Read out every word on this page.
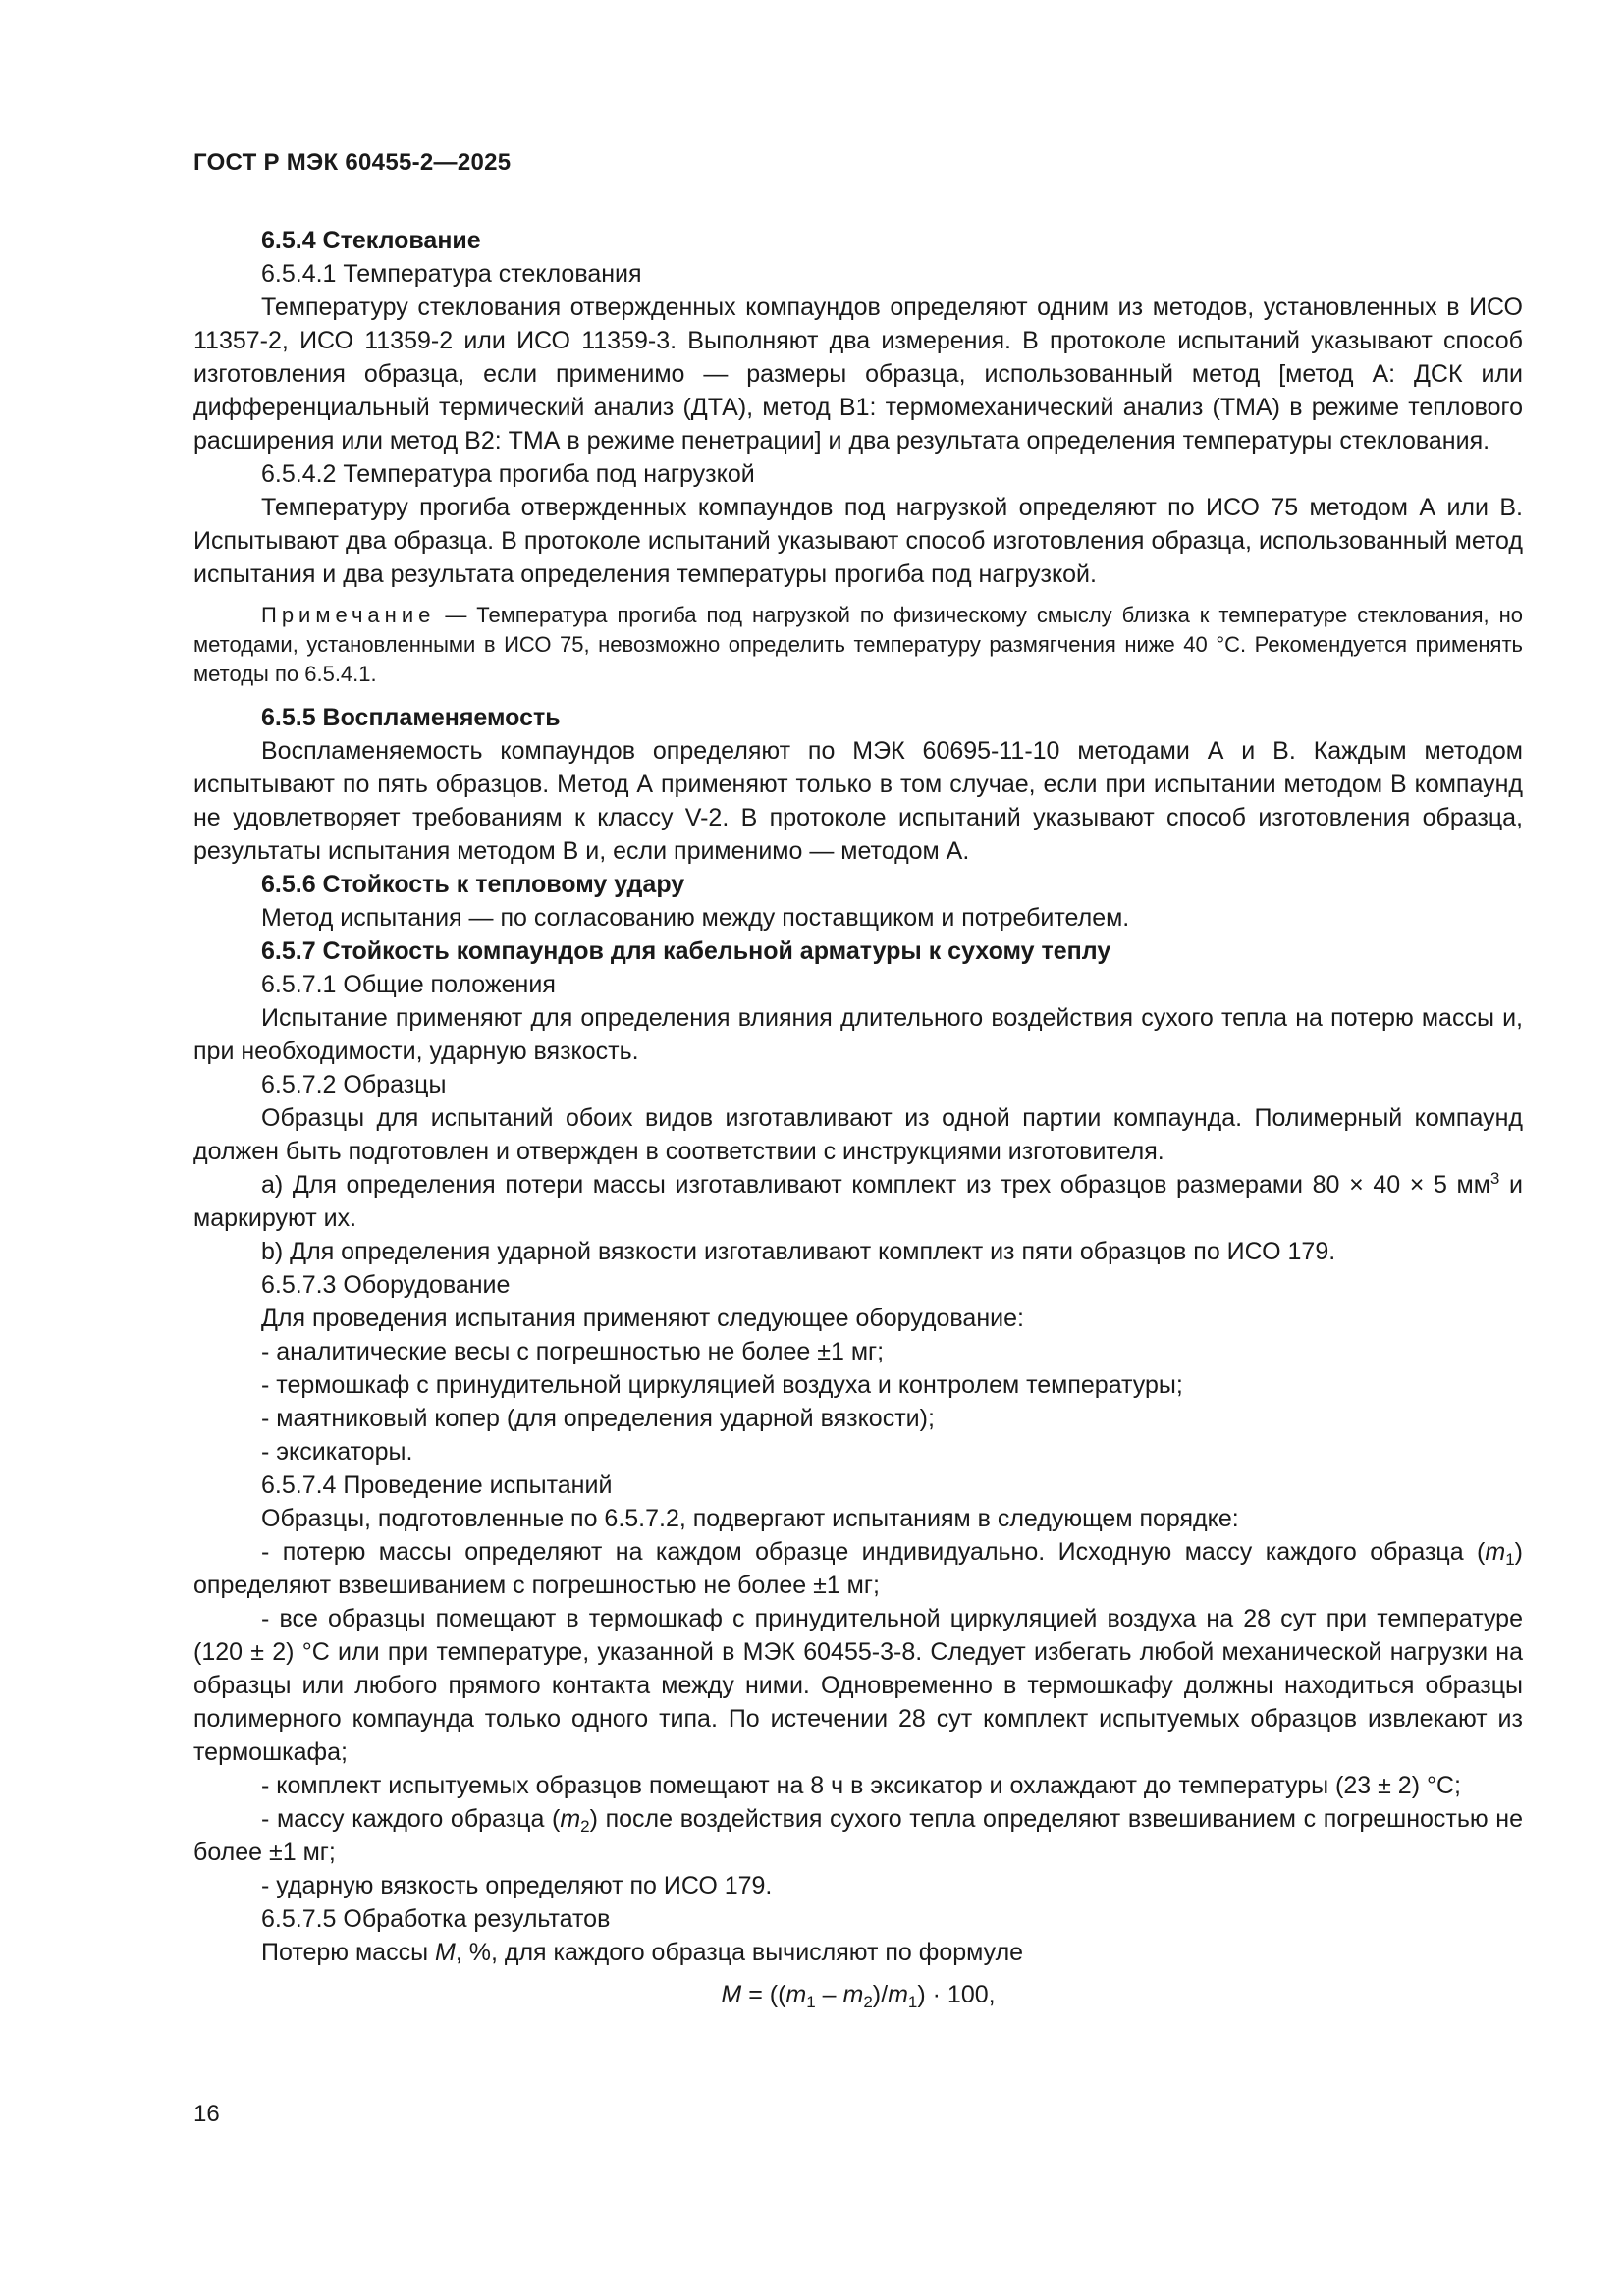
ГОСТ Р МЭК 60455-2—2025

6.5.4 Стеклование

6.5.4.1 Температура стеклования

Температуру стеклования отвержденных компаундов определяют одним из методов, установленных в ИСО 11357-2, ИСО 11359-2 или ИСО 11359-3. Выполняют два измерения. В протоколе испытаний указывают способ изготовления образца, если применимо — размеры образца, использованный метод [метод А: ДСК или дифференциальный термический анализ (ДТА), метод В1: термомеханический анализ (ТМА) в режиме теплового расширения или метод В2: ТМА в режиме пенетрации] и два результата определения температуры стеклования.

6.5.4.2 Температура прогиба под нагрузкой

Температуру прогиба отвержденных компаундов под нагрузкой определяют по ИСО 75 методом А или В. Испытывают два образца. В протоколе испытаний указывают способ изготовления образца, использованный метод испытания и два результата определения температуры прогиба под нагрузкой.

Примечание — Температура прогиба под нагрузкой по физическому смыслу близка к температуре стеклования, но методами, установленными в ИСО 75, невозможно определить температуру размягчения ниже 40 °С. Рекомендуется применять методы по 6.5.4.1.

6.5.5 Воспламеняемость

Воспламеняемость компаундов определяют по МЭК 60695-11-10 методами А и В. Каждым методом испытывают по пять образцов. Метод А применяют только в том случае, если при испытании методом В компаунд не удовлетворяет требованиям к классу V-2. В протоколе испытаний указывают способ изготовления образца, результаты испытания методом В и, если применимо — методом А.

6.5.6 Стойкость к тепловому удару

Метод испытания — по согласованию между поставщиком и потребителем.

6.5.7 Стойкость компаундов для кабельной арматуры к сухому теплу

6.5.7.1 Общие положения

Испытание применяют для определения влияния длительного воздействия сухого тепла на потерю массы и, при необходимости, ударную вязкость.

6.5.7.2 Образцы

Образцы для испытаний обоих видов изготавливают из одной партии компаунда. Полимерный компаунд должен быть подготовлен и отвержден в соответствии с инструкциями изготовителя.

а) Для определения потери массы изготавливают комплект из трех образцов размерами 80 × 40 × 5 $мм^3$ и маркируют их.

b) Для определения ударной вязкости изготавливают комплект из пяти образцов по ИСО 179.

6.5.7.3 Оборудование

Для проведения испытания применяют следующее оборудование:

- аналитические весы с погрешностью не более ±1 мг;

- термошкаф с принудительной циркуляцией воздуха и контролем температуры;

- маятниковый копер (для определения ударной вязкости);

- эксикаторы.

6.5.7.4 Проведение испытаний

Образцы, подготовленные по 6.5.7.2, подвергают испытаниям в следующем порядке:

- потерю массы определяют на каждом образце индивидуально. Исходную массу каждого образца $(m_1)$ определяют взвешиванием с погрешностью не более ±1 мг;

- все образцы помещают в термошкаф с принудительной циркуляцией воздуха на 28 сут при температуре (120 ± 2) °С или при температуре, указанной в МЭК 60455-3-8. Следует избегать любой механической нагрузки на образцы или любого прямого контакта между ними. Одновременно в термошкафу должны находиться образцы полимерного компаунда только одного типа. По истечении 28 сут комплект испытуемых образцов извлекают из термошкафа;

- комплект испытуемых образцов помещают на 8 ч в эксикатор и охлаждают до температуры (23 ± 2) °С;

- массу каждого образца $(m_2)$ после воздействия сухого тепла определяют взвешиванием с погрешностью не более ±1 мг;

- ударную вязкость определяют по ИСО 179.

6.5.7.5 Обработка результатов

Потерю массы M, %, для каждого образца вычисляют по формуле

$M = ((m_1 - m_2)/m_1) \cdot 100$,

16
